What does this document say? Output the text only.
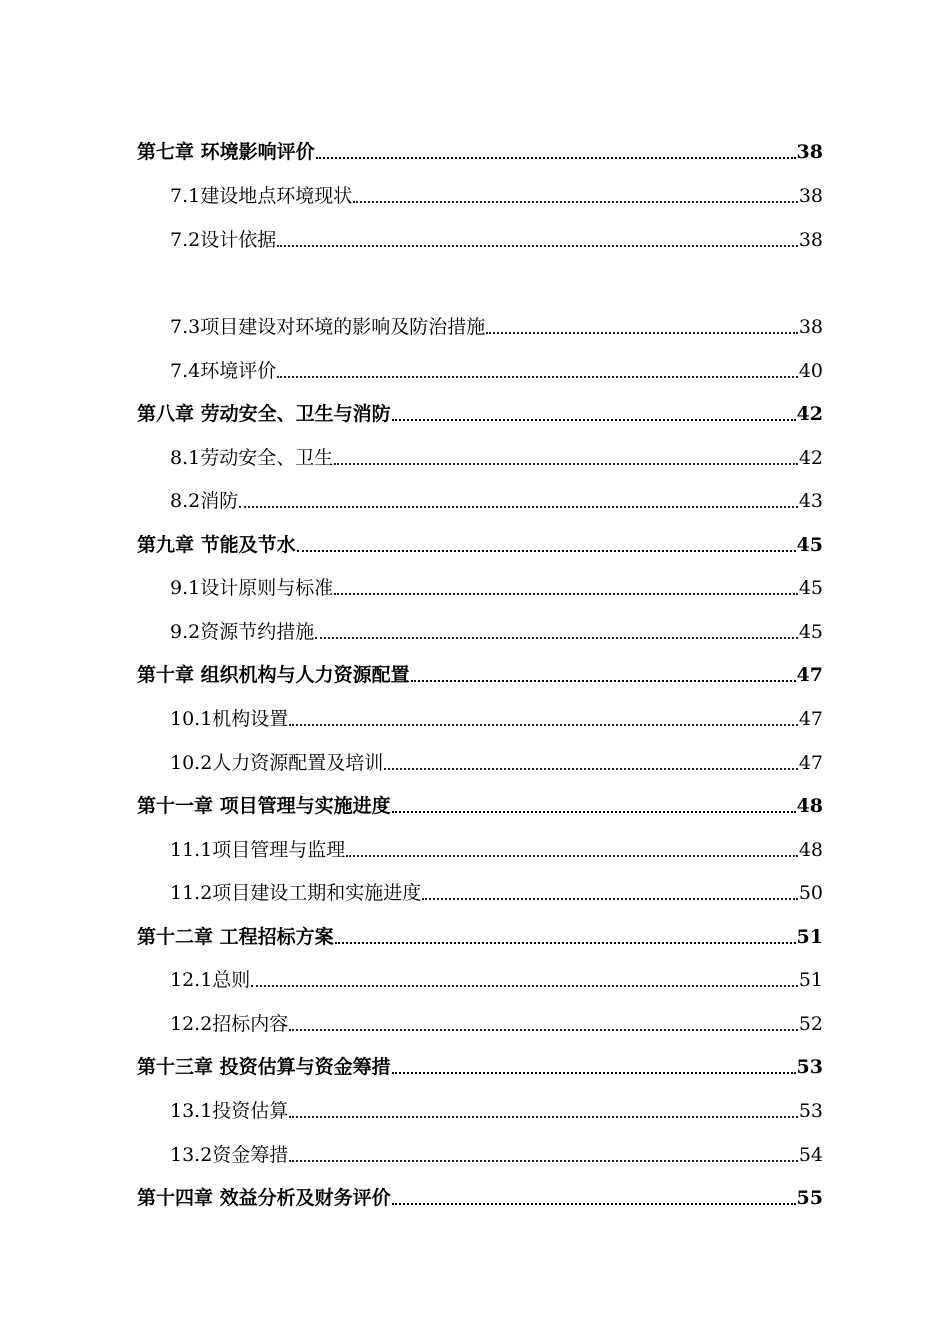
第七章 环境影响评价	38
7.1建设地点环境现状	38
7.2设计依据	38
7.3项目建设对环境的影响及防治措施	38
7.4环境评价	40
第八章 劳动安全、卫生与消防	42
8.1劳动安全、卫生	42
8.2消防	43
第九章 节能及节水	45
9.1设计原则与标准	45
9.2资源节约措施	45
第十章 组织机构与人力资源配置	47
10.1机构设置	47
10.2人力资源配置及培训	47
第十一章 项目管理与实施进度	48
11.1项目管理与监理	48
11.2项目建设工期和实施进度	50
第十二章 工程招标方案	51
12.1总则	51
12.2招标内容	52
第十三章 投资估算与资金筹措	53
13.1投资估算	53
13.2资金筹措	54
第十四章 效益分析及财务评价	55
